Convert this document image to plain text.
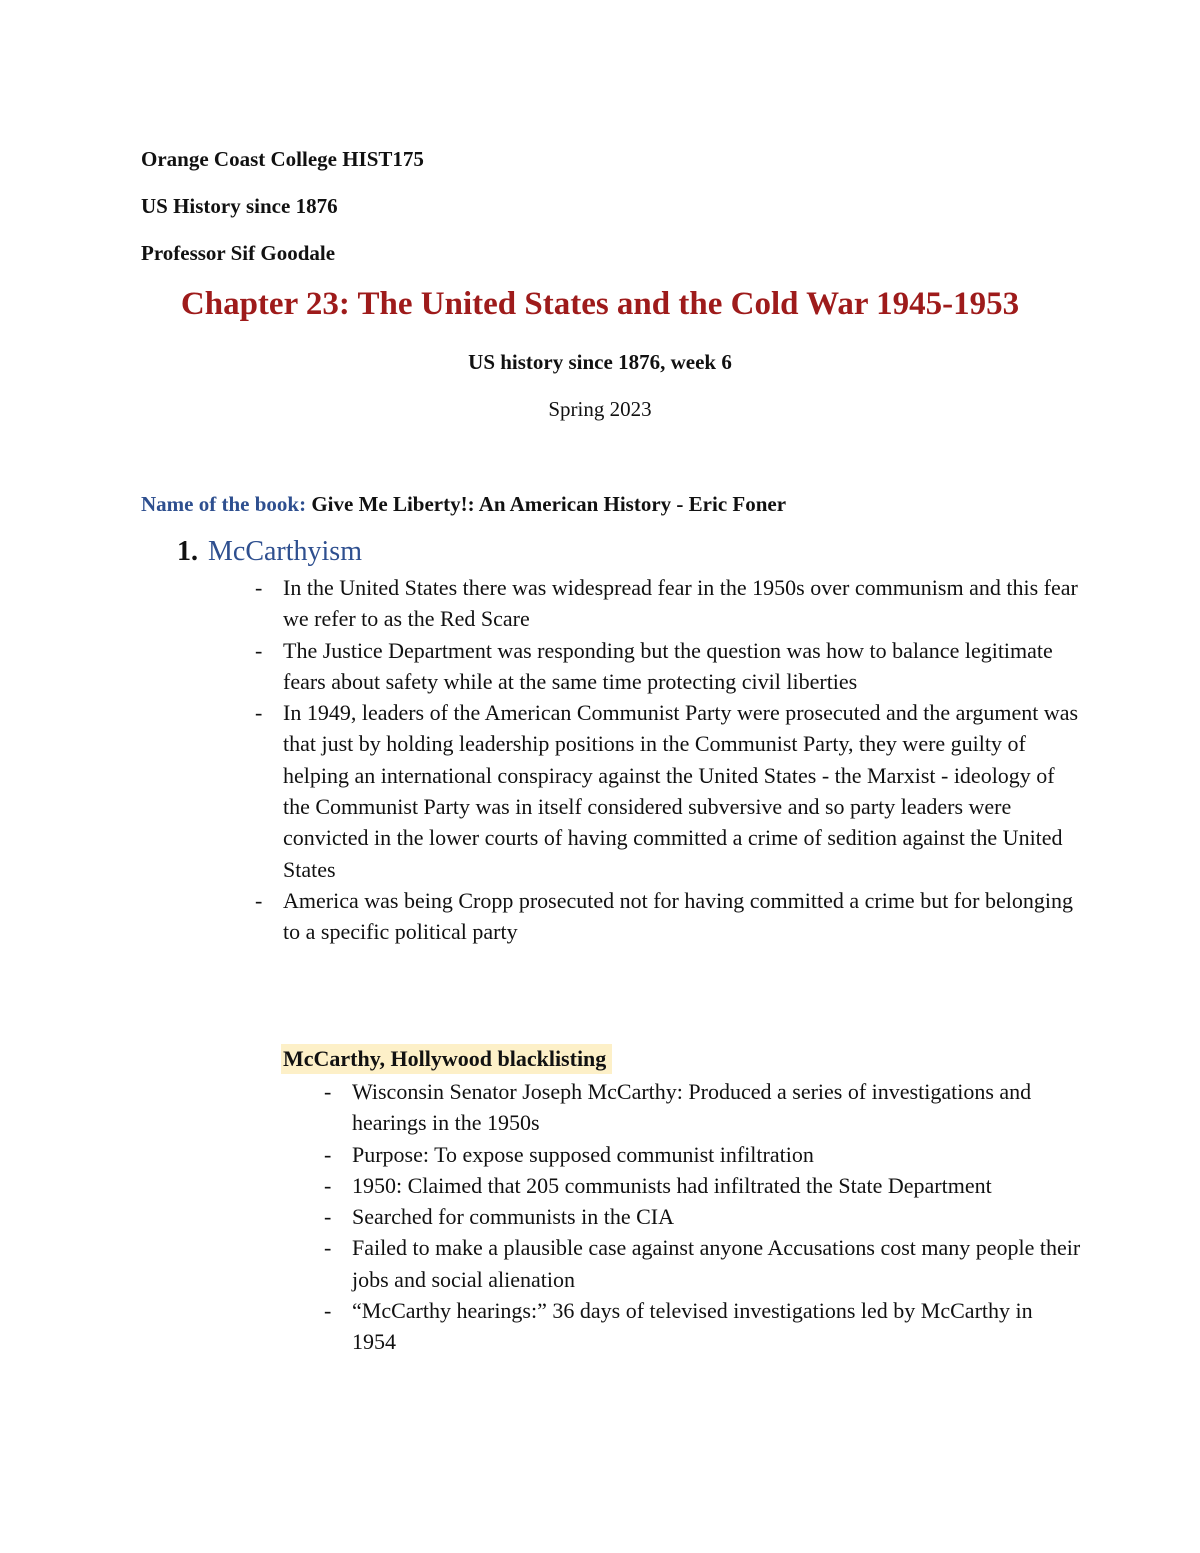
Orange Coast College HIST175
US History since 1876
Professor Sif Goodale
Chapter 23: The United States and the Cold War 1945-1953
US history since 1876, week 6
Spring 2023
Name of the book: Give Me Liberty!: An American History - Eric Foner
1. McCarthyism
- In the United States there was widespread fear in the 1950s over communism and this fear we refer to as the Red Scare
- The Justice Department was responding but the question was how to balance legitimate fears about safety while at the same time protecting civil liberties
- In 1949, leaders of the American Communist Party were prosecuted and the argument was that just by holding leadership positions in the Communist Party, they were guilty of helping an international conspiracy against the United States - the Marxist - ideology of the Communist Party was in itself considered subversive and so party leaders were convicted in the lower courts of having committed a crime of sedition against the United States
- America was being Cropp prosecuted not for having committed a crime but for belonging to a specific political party
McCarthy, Hollywood blacklisting
- Wisconsin Senator Joseph McCarthy: Produced a series of investigations and hearings in the 1950s
- Purpose: To expose supposed communist infiltration
- 1950: Claimed that 205 communists had infiltrated the State Department
- Searched for communists in the CIA
- Failed to make a plausible case against anyone Accusations cost many people their jobs and social alienation
- “McCarthy hearings:” 36 days of televised investigations led by McCarthy in 1954
